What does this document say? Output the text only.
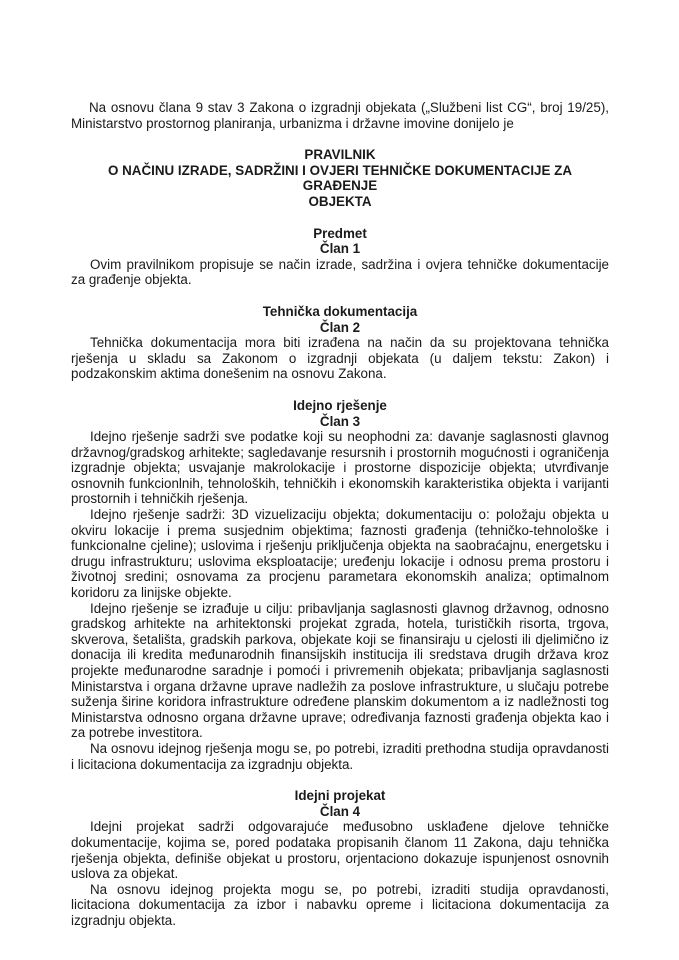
Na osnovu člana 9 stav 3 Zakona o izgradnji objekata („Službeni list CG“, broj 19/25), Ministarstvo prostornog planiranja, urbanizma i državne imovine donijelo je

PRAVILNIK
O NAČINU IZRADE, SADRŽINI I OVJERI TEHNIČKE DOKUMENTACIJE ZA GRAĐENJE
OBJEKTA
Predmet
Član 1

Ovim pravilnikom propisuje se način izrade, sadržina i ovjera tehničke dokumentacije za građenje objekta.

Tehnička dokumentacija
Član 2

Tehnička dokumentacija mora biti izrađena na način da su projektovana tehnička rješenja u skladu sa Zakonom o izgradnji objekata (u daljem tekstu: Zakon) i podzakonskim aktima donešenim na osnovu Zakona.

Idejno rješenje
Član 3

Idejno rješenje sadrži sve podatke koji su neophodni za: davanje saglasnosti glavnog državnog/gradskog arhitekte; sagledavanje resursnih i prostornih mogućnosti i ograničenja izgradnje objekta; usvajanje makrolokacije i prostorne dispozicije objekta; utvrđivanje osnovnih funkcionlnih, tehnoloških, tehničkih i ekonomskih karakteristika objekta i varijanti prostornih i tehničkih rješenja.

Idejno rješenje sadrži: 3D vizuelizaciju objekta; dokumentaciju o: položaju objekta u okviru lokacije i prema susjednim objektima; faznosti građenja (tehničko-tehnološke i funkcionalne cjeline); uslovima i rješenju priključenja objekta na saobraćajnu, energetsku i drugu infrastrukturu; uslovima eksploatacije; uređenju lokacije i odnosu prema prostoru i životnoj sredini; osnovama za procjenu parametara ekonomskih analiza; optimalnom koridoru za linijske objekte.

Idejno rješenje se izrađuje u cilju: pribavljanja saglasnosti glavnog državnog, odnosno gradskog arhitekte na arhitektonski projekat zgrada, hotela, turističkih risorta, trgova, skverova, šetališta, gradskih parkova, objekate koji se finansiraju u cjelosti ili djelimično iz donacija ili kredita međunarodnih finansijskih institucija ili sredstava drugih država kroz projekte međunarodne saradnje i pomoći i privremenih objekata; pribavljanja saglasnosti Ministarstva i organa državne uprave nadležih za poslove infrastrukture, u slučaju potrebe suženja širine koridora infrastrukture određene planskim dokumentom a iz nadležnosti tog Ministarstva odnosno organa državne uprave; određivanja faznosti građenja objekta kao i za potrebe investitora.

Na osnovu idejnog rješenja mogu se, po potrebi, izraditi prethodna studija opravdanosti i licitaciona dokumentacija za izgradnju objekta.

Idejni projekat
Član 4

Idejni projekat sadrži odgovarajuće međusobno usklađene djelove tehničke dokumentacije, kojima se, pored podataka propisanih članom 11 Zakona, daju tehnička rješenja objekta, definiše objekat u prostoru, orjentaciono dokazuje ispunjenost osnovnih uslova za objekat.

Na osnovu idejnog projekta mogu se, po potrebi, izraditi studija opravdanosti, licitaciona dokumentacija za izbor i nabavku opreme i licitaciona dokumentacija za izgradnju objekta.
